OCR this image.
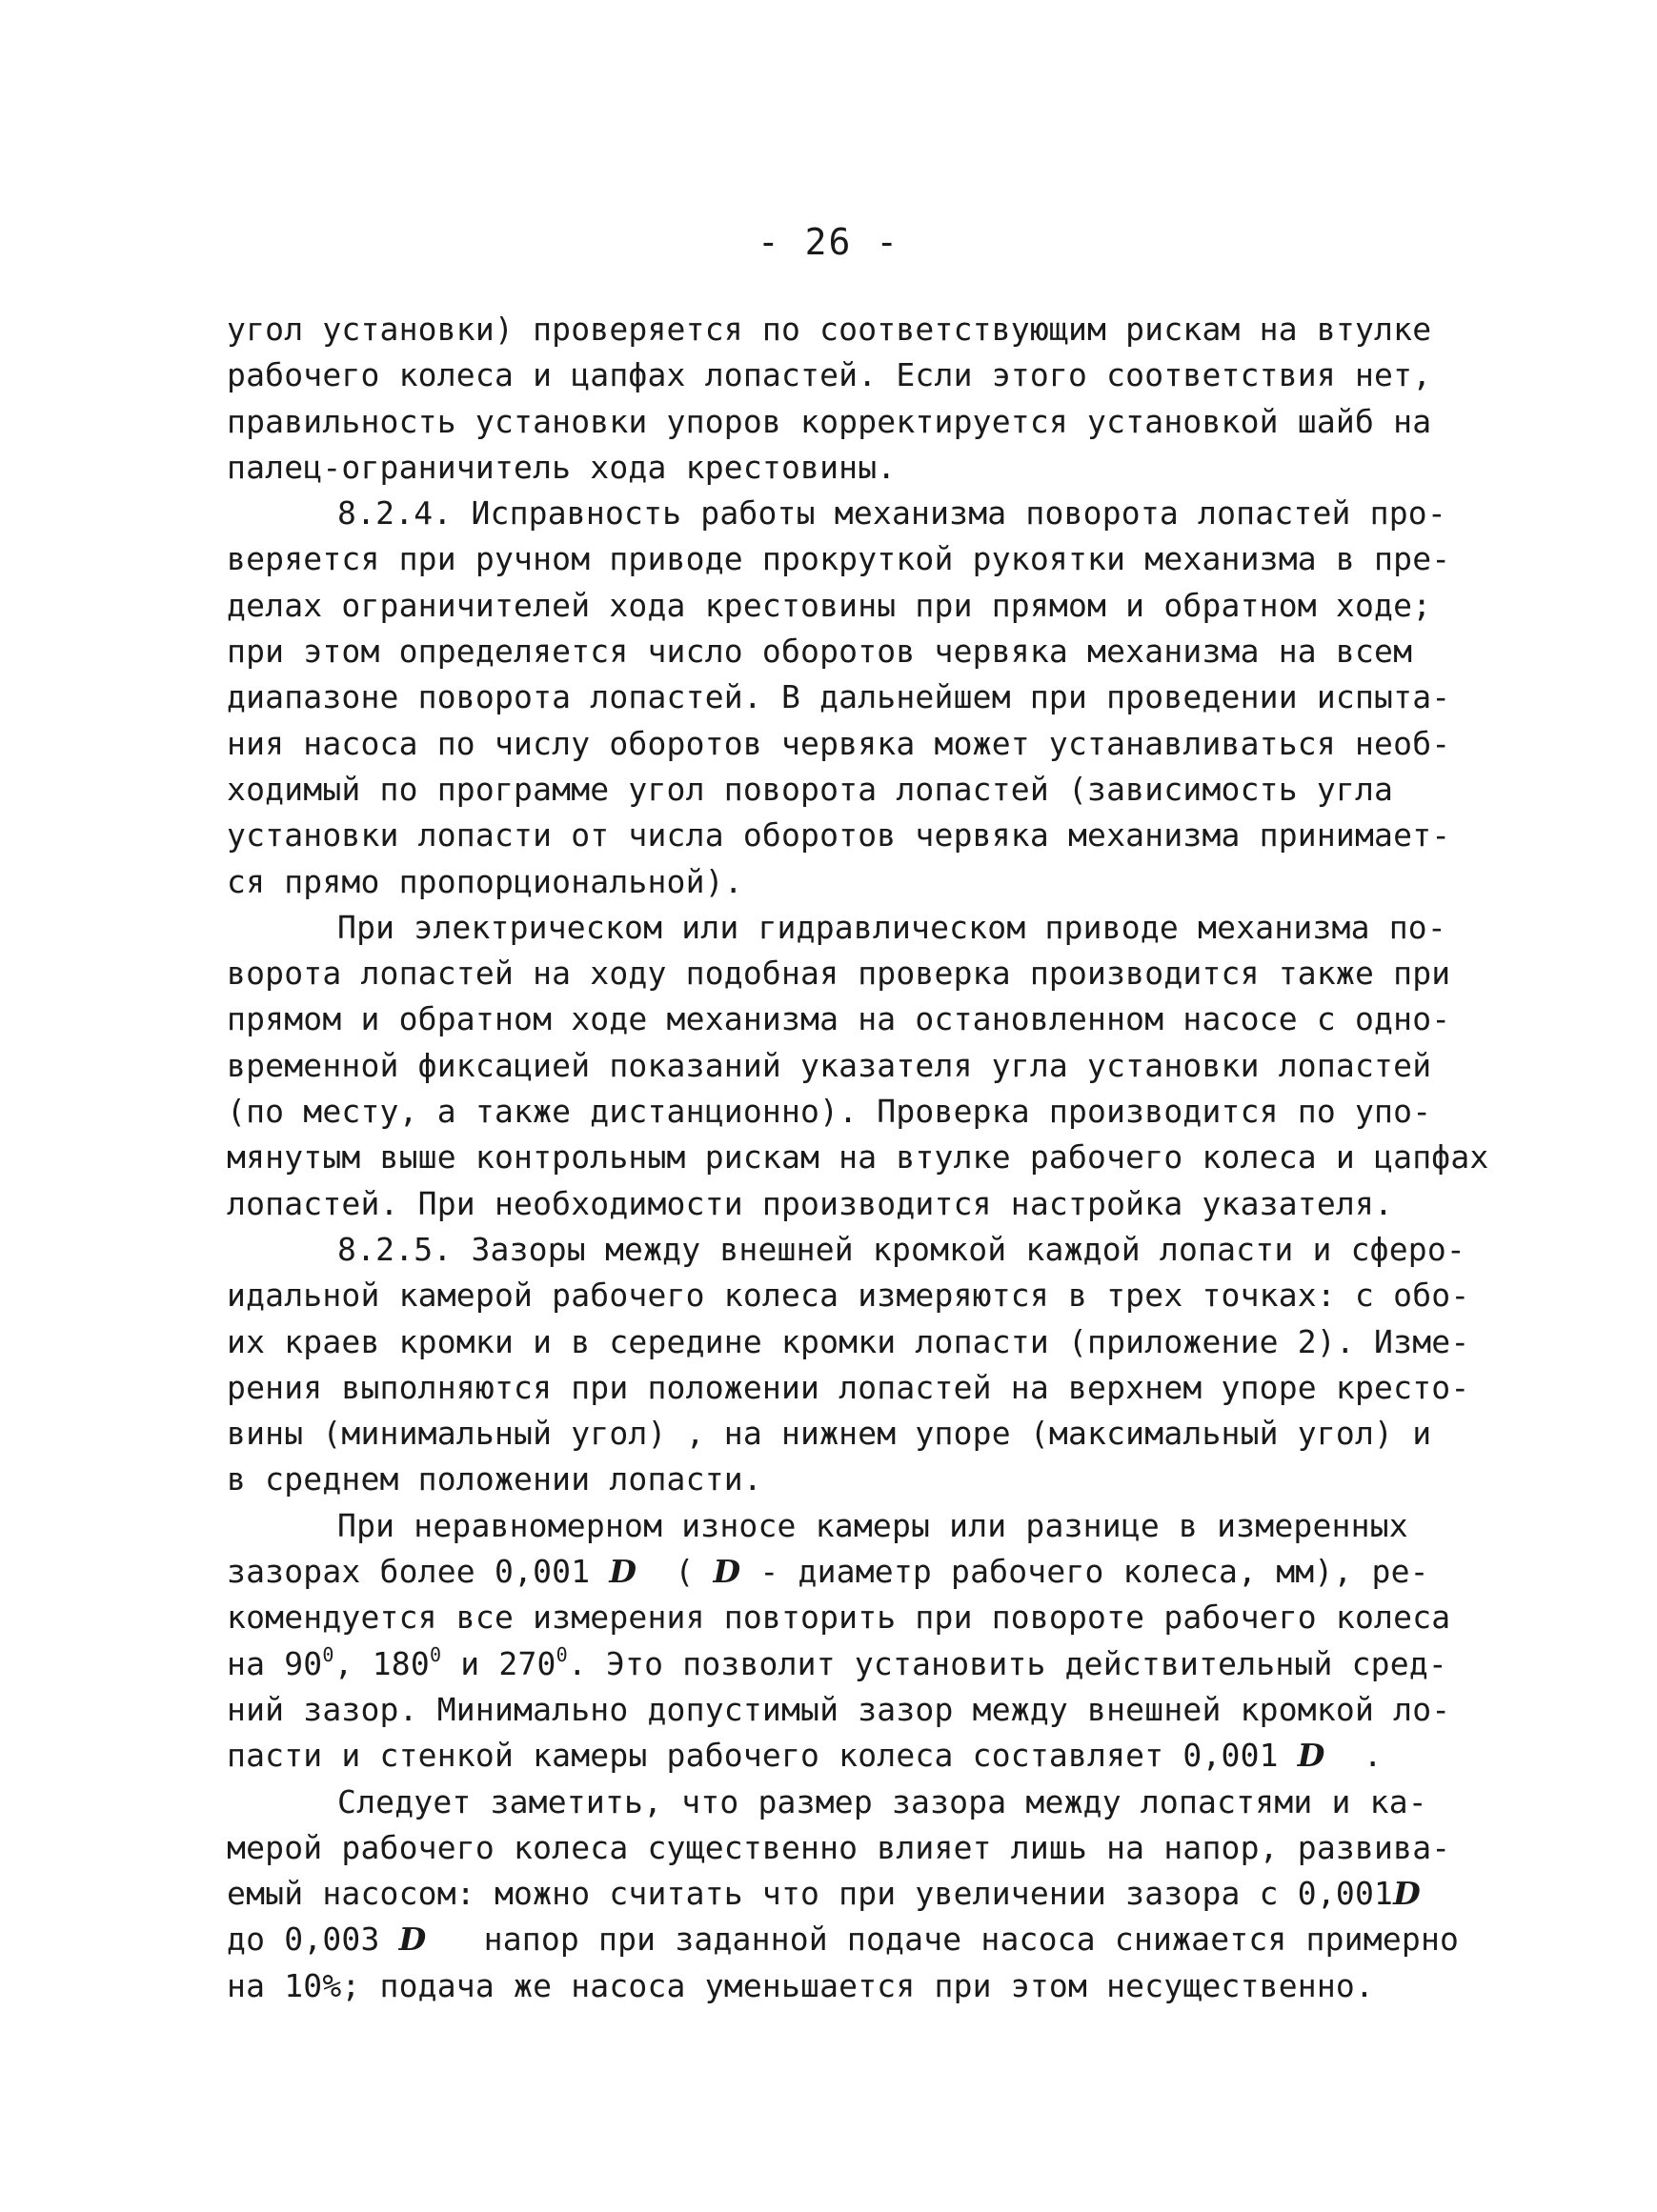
- 26 -
угол установки) проверяется по соответствующим рискам на втулке
рабочего колеса и цапфах лопастей. Если этого соответствия нет,
правильность установки упоров корректируется установкой шайб на
палец-ограничитель хода крестовины.
8.2.4. Исправность работы механизма поворота лопастей про-
веряется при ручном приводе прокруткой рукоятки механизма в пре-
делах ограничителей хода крестовины при прямом и обратном ходе;
при этом определяется число оборотов червяка механизма на всем
диапазоне поворота лопастей. В дальнейшем при проведении испыта-
ния насоса по числу оборотов червяка может устанавливаться необ-
ходимый по программе угол поворота лопастей (зависимость угла
установки лопасти от числа оборотов червяка механизма принимает-
ся прямо пропорциональной).
При электрическом или гидравлическом приводе механизма по-
ворота лопастей на ходу подобная проверка производится также при
прямом и обратном ходе механизма на остановленном насосе с одно-
временной фиксацией показаний указателя угла установки лопастей
(по месту, а также дистанционно). Проверка производится по упо-
мянутым выше контрольным рискам на втулке рабочего колеса и цапфах
лопастей. При необходимости производится настройка указателя.
8.2.5. Зазоры между внешней кромкой каждой лопасти и сферо-
идальной камерой рабочего колеса измеряются в трех точках: с обо-
их краев кромки и в середине кромки лопасти (приложение 2). Изме-
рения выполняются при положении лопастей на верхнем упоре кресто-
вины (минимальный угол) , на нижнем упоре (максимальный угол) и
в среднем положении лопасти.
При неравномерном износе камеры или разнице в измеренных
зазорах более 0,001 D  ( D - диаметр рабочего колеса, мм), ре-
комендуется все измерения повторить при повороте рабочего колеса
на $90^0$, $180^0$ и $270^0$. Это позволит установить действительный сред-
ний зазор. Минимально допустимый зазор между внешней кромкой ло-
пасти и стенкой камеры рабочего колеса составляет 0,001 D  .
Следует заметить, что размер зазора между лопастями и ка-
мерой рабочего колеса существенно влияет лишь на напор, развива-
емый насосом: можно считать что при увеличении зазора с 0,001D
до 0,003 D   напор при заданной подаче насоса снижается примерно
на 10%; подача же насоса уменьшается при этом несущественно.
